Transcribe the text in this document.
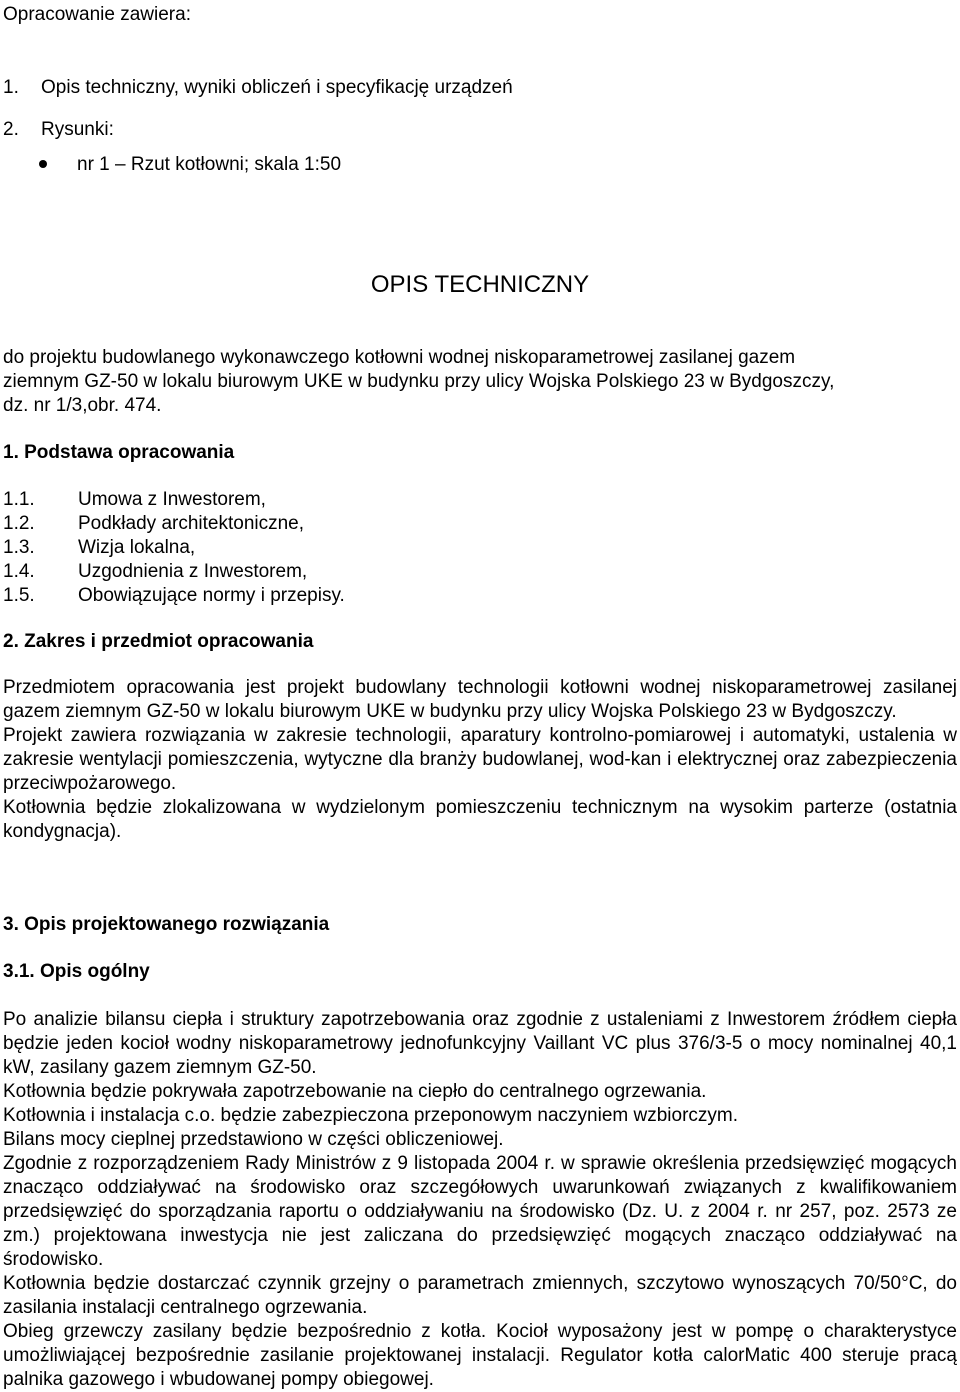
Opracowanie zawiera:
1. Opis techniczny, wyniki obliczeń i specyfikację urządzeń
2. Rysunki:
nr 1 – Rzut kotłowni; skala 1:50
OPIS TECHNICZNY
do projektu budowlanego wykonawczego kotłowni wodnej niskoparametrowej zasilanej gazem
ziemnym GZ-50 w lokalu biurowym UKE w budynku przy ulicy Wojska Polskiego 23 w Bydgoszczy,
dz. nr 1/3,obr. 474.
1. Podstawa opracowania
1.1. Umowa z Inwestorem,
1.2. Podkłady architektoniczne,
1.3. Wizja lokalna,
1.4. Uzgodnienia z Inwestorem,
1.5. Obowiązujące normy i przepisy.
2. Zakres i przedmiot opracowania

Przedmiotem opracowania jest projekt budowlany technologii kotłowni wodnej niskoparametrowej zasilanej gazem ziemnym GZ-50 w lokalu biurowym UKE w budynku przy ulicy Wojska Polskiego 23 w Bydgoszczy.

Projekt zawiera rozwiązania w zakresie technologii, aparatury kontrolno-pomiarowej i automatyki, ustalenia w zakresie wentylacji pomieszczenia, wytyczne dla branży budowlanej, wod-kan i elektrycznej oraz zabezpieczenia przeciwpożarowego.

Kotłownia będzie zlokalizowana w wydzielonym pomieszczeniu technicznym na wysokim parterze (ostatnia kondygnacja).

3. Opis projektowanego rozwiązania
3.1. Opis ogólny

Po analizie bilansu ciepła i struktury zapotrzebowania oraz zgodnie z ustaleniami z Inwestorem źródłem ciepła będzie jeden kocioł wodny niskoparametrowy jednofunkcyjny Vaillant VC plus 376/3-5 o mocy nominalnej 40,1 kW, zasilany gazem ziemnym GZ-50.

Kotłownia będzie pokrywała zapotrzebowanie na ciepło do centralnego ogrzewania.

Kotłownia i instalacja c.o. będzie zabezpieczona przeponowym naczyniem wzbiorczym.

Bilans mocy cieplnej przedstawiono w części obliczeniowej.

Zgodnie z rozporządzeniem Rady Ministrów z 9 listopada 2004 r. w sprawie określenia przedsięwzięć mogących znacząco oddziaływać na środowisko oraz szczegółowych uwarunkowań związanych z kwalifikowaniem przedsięwzięć do sporządzania raportu o oddziaływaniu na środowisko (Dz. U. z 2004 r. nr 257, poz. 2573 ze zm.) projektowana inwestycja nie jest zaliczana do przedsięwzięć mogących znacząco oddziaływać na środowisko.

Kotłownia będzie dostarczać czynnik grzejny o parametrach zmiennych, szczytowo wynoszących 70/50°C, do zasilania instalacji centralnego ogrzewania.

Obieg grzewczy zasilany będzie bezpośrednio z kotła. Kocioł wyposażony jest w pompę o charakterystyce umożliwiającej bezpośrednie zasilanie projektowanej instalacji. Regulator kotła calorMatic 400 steruje pracą palnika gazowego i wbudowanej pompy obiegowej.
